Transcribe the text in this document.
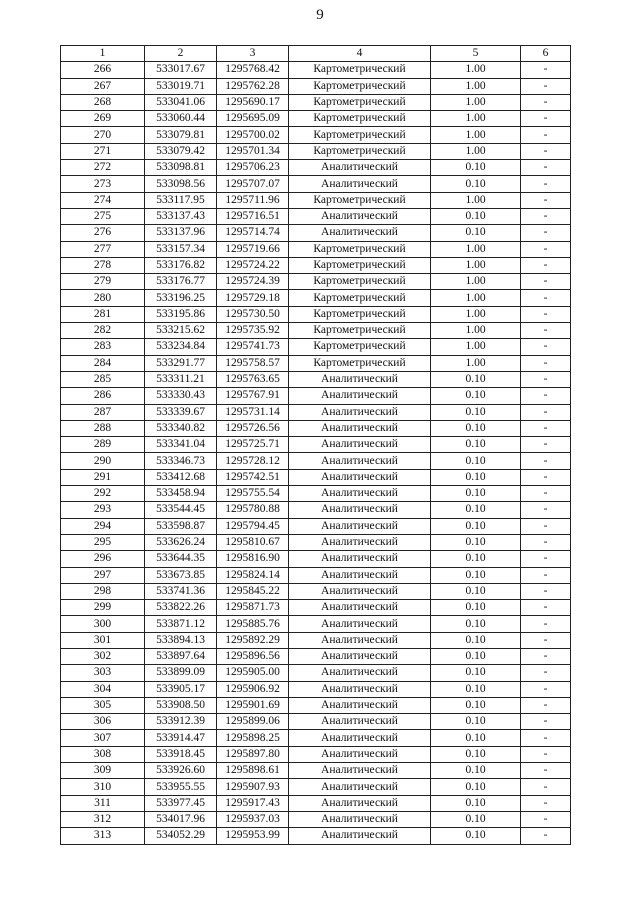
9
1	2	3	4	5	6
266	533017.67	1295768.42	Картометрический	1.00	-
267	533019.71	1295762.28	Картометрический	1.00	-
268	533041.06	1295690.17	Картометрический	1.00	-
269	533060.44	1295695.09	Картометрический	1.00	-
270	533079.81	1295700.02	Картометрический	1.00	-
271	533079.42	1295701.34	Картометрический	1.00	-
272	533098.81	1295706.23	Аналитический	0.10	-
273	533098.56	1295707.07	Аналитический	0.10	-
274	533117.95	1295711.96	Картометрический	1.00	-
275	533137.43	1295716.51	Аналитический	0.10	-
276	533137.96	1295714.74	Аналитический	0.10	-
277	533157.34	1295719.66	Картометрический	1.00	-
278	533176.82	1295724.22	Картометрический	1.00	-
279	533176.77	1295724.39	Картометрический	1.00	-
280	533196.25	1295729.18	Картометрический	1.00	-
281	533195.86	1295730.50	Картометрический	1.00	-
282	533215.62	1295735.92	Картометрический	1.00	-
283	533234.84	1295741.73	Картометрический	1.00	-
284	533291.77	1295758.57	Картометрический	1.00	-
285	533311.21	1295763.65	Аналитический	0.10	-
286	533330.43	1295767.91	Аналитический	0.10	-
287	533339.67	1295731.14	Аналитический	0.10	-
288	533340.82	1295726.56	Аналитический	0.10	-
289	533341.04	1295725.71	Аналитический	0.10	-
290	533346.73	1295728.12	Аналитический	0.10	-
291	533412.68	1295742.51	Аналитический	0.10	-
292	533458.94	1295755.54	Аналитический	0.10	-
293	533544.45	1295780.88	Аналитический	0.10	-
294	533598.87	1295794.45	Аналитический	0.10	-
295	533626.24	1295810.67	Аналитический	0.10	-
296	533644.35	1295816.90	Аналитический	0.10	-
297	533673.85	1295824.14	Аналитический	0.10	-
298	533741.36	1295845.22	Аналитический	0.10	-
299	533822.26	1295871.73	Аналитический	0.10	-
300	533871.12	1295885.76	Аналитический	0.10	-
301	533894.13	1295892.29	Аналитический	0.10	-
302	533897.64	1295896.56	Аналитический	0.10	-
303	533899.09	1295905.00	Аналитический	0.10	-
304	533905.17	1295906.92	Аналитический	0.10	-
305	533908.50	1295901.69	Аналитический	0.10	-
306	533912.39	1295899.06	Аналитический	0.10	-
307	533914.47	1295898.25	Аналитический	0.10	-
308	533918.45	1295897.80	Аналитический	0.10	-
309	533926.60	1295898.61	Аналитический	0.10	-
310	533955.55	1295907.93	Аналитический	0.10	-
311	533977.45	1295917.43	Аналитический	0.10	-
312	534017.96	1295937.03	Аналитический	0.10	-
313	534052.29	1295953.99	Аналитический	0.10	-
